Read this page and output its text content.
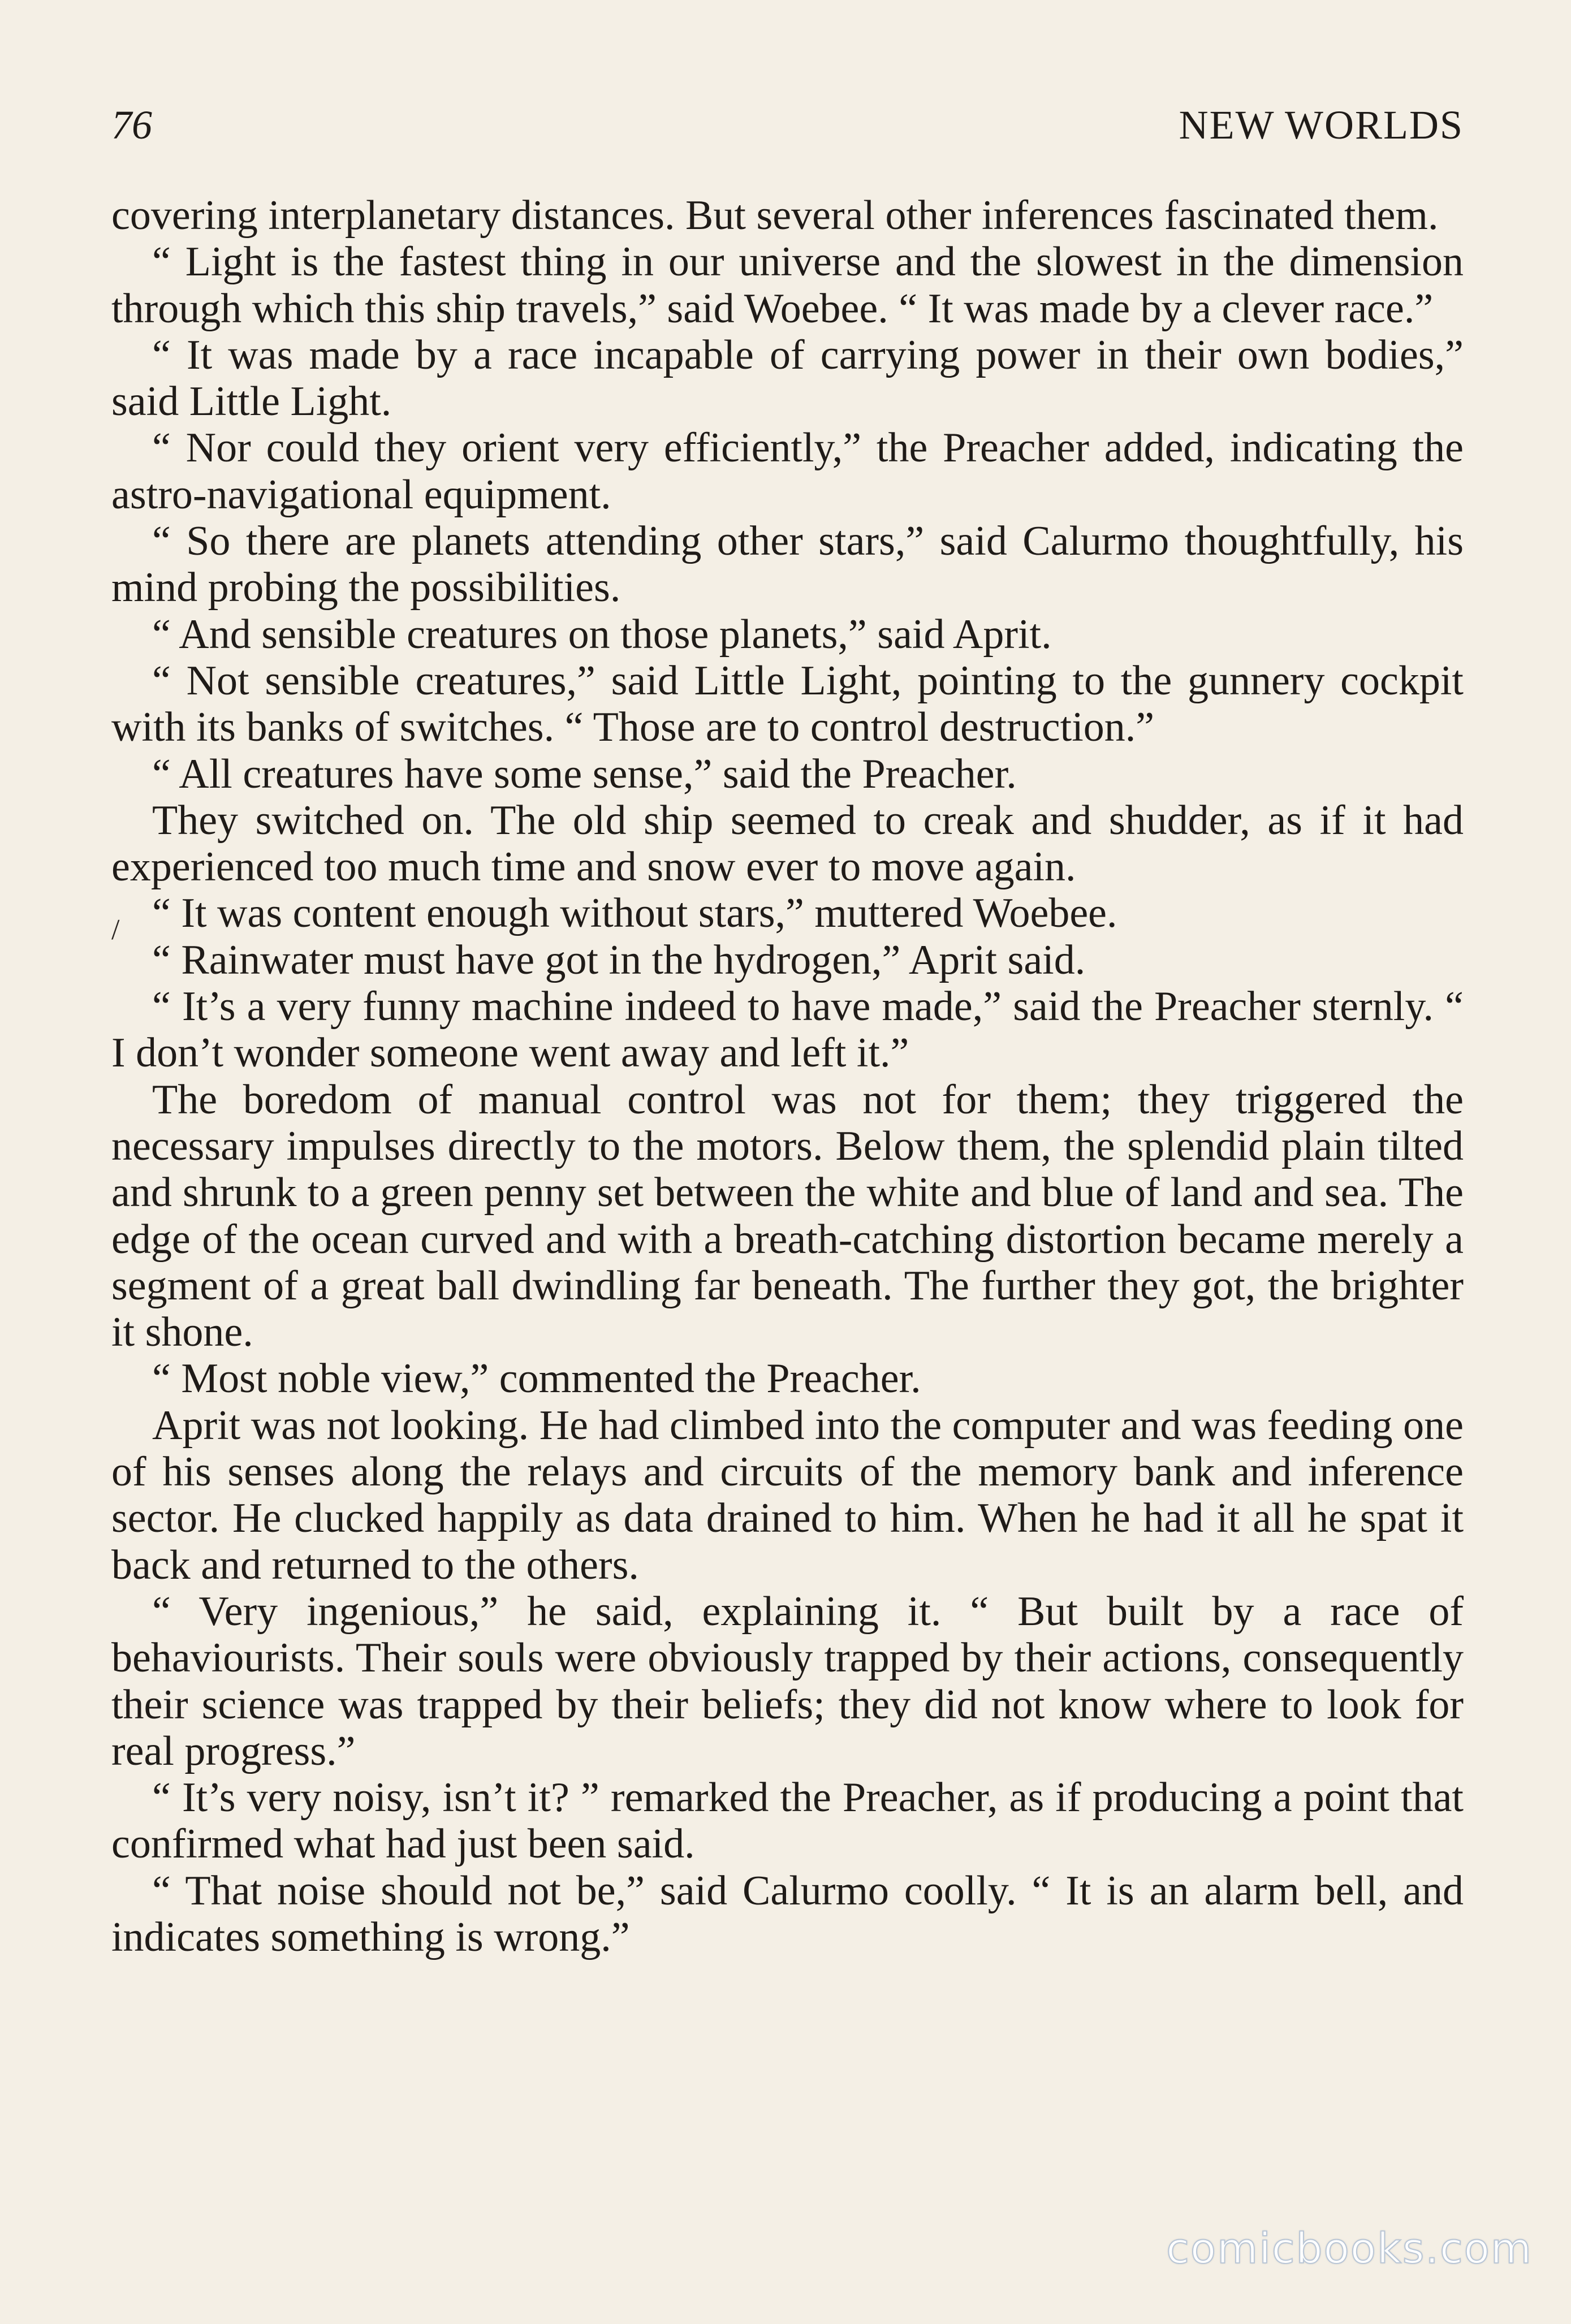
76	NEW WORLDS
/

covering interplanetary distances. But several other inferences fascinated them.

“ Light is the fastest thing in our universe and the slowest in the dimension through which this ship travels,” said Woebee. “ It was made by a clever race.”

“ It was made by a race incapable of carrying power in their own bodies,” said Little Light.

“ Nor could they orient very efficiently,” the Preacher added, indicating the astro-navigational equipment.

“ So there are planets attending other stars,” said Calurmo thoughtfully, his mind probing the possibilities.

“ And sensible creatures on those planets,” said Aprit.

“ Not sensible creatures,” said Little Light, pointing to the gunnery cockpit with its banks of switches. “ Those are to control destruction.”

“ All creatures have some sense,” said the Preacher.

They switched on. The old ship seemed to creak and shudder, as if it had experienced too much time and snow ever to move again.

“ It was content enough without stars,” muttered Woebee.

“ Rainwater must have got in the hydrogen,” Aprit said.

“ It’s a very funny machine indeed to have made,” said the Preacher sternly. “ I don’t wonder someone went away and left it.”

The boredom of manual control was not for them; they triggered the necessary impulses directly to the motors. Below them, the splendid plain tilted and shrunk to a green penny set between the white and blue of land and sea. The edge of the ocean curved and with a breath-catching distortion became merely a segment of a great ball dwindling far beneath. The further they got, the brighter it shone.

“ Most noble view,” commented the Preacher.

Aprit was not looking. He had climbed into the computer and was feeding one of his senses along the relays and circuits of the memory bank and inference sector. He clucked happily as data drained to him. When he had it all he spat it back and returned to the others.

“ Very ingenious,” he said, explaining it. “ But built by a race of behaviourists. Their souls were obviously trapped by their actions, consequently their science was trapped by their beliefs; they did not know where to look for real progress.”

“ It’s very noisy, isn’t it? ” remarked the Preacher, as if producing a point that confirmed what had just been said.

“ That noise should not be,” said Calurmo coolly. “ It is an alarm bell, and indicates something is wrong.”

comicbooks.com
